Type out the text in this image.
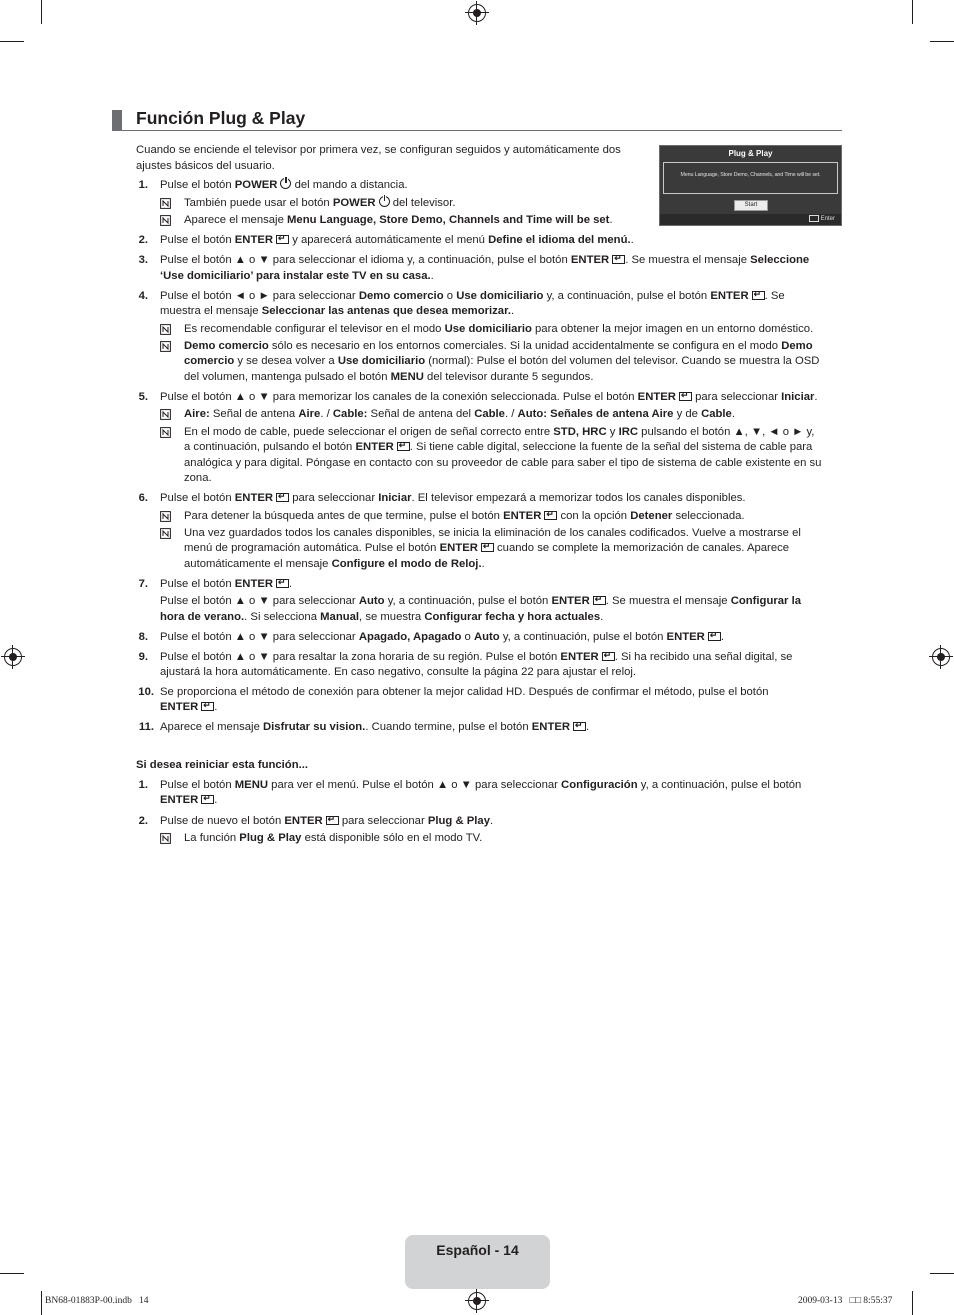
Función Plug & Play
Plug & Play
Menu Language, Store Demo, Channels, and Time will be set.
Start
Enter
Cuando se enciende el televisor por primera vez, se configuran seguidos y automáticamente dos ajustes básicos del usuario.
1. Pulse el botón POWER del mando a distancia.
También puede usar el botón POWER del televisor.
Aparece el mensaje Menu Language, Store Demo, Channels and Time will be set.
2. Pulse el botón ENTER ↵ y aparecerá automáticamente el menú Define el idioma del menú..
3. Pulse el botón ▲ o ▼ para seleccionar el idioma y, a continuación, pulse el botón ENTER ↵ . Se muestra el mensaje Seleccione
‘Use domiciliario’ para instalar este TV en su casa..
4. Pulse el botón ◄ o ► para seleccionar Demo comercio o Use domiciliario y, a continuación, pulse el botón ENTER ↵ . Se
muestra el mensaje Seleccionar las antenas que desea memorizar..
Es recomendable configurar el televisor en el modo Use domiciliario para obtener la mejor imagen en un entorno doméstico.
Demo comercio sólo es necesario en los entornos comerciales. Si la unidad accidentalmente se configura en el modo Demo
comercio y se desea volver a Use domiciliario (normal): Pulse el botón del volumen del televisor. Cuando se muestra la OSD
del volumen, mantenga pulsado el botón MENU del televisor durante 5 segundos.
5. Pulse el botón ▲ o ▼ para memorizar los canales de la conexión seleccionada. Pulse el botón ENTER ↵ para seleccionar Iniciar.
Aire: Señal de antena Aire. / Cable: Señal de antena del Cable. / Auto: Señales de antena Aire y de Cable.
En el modo de cable, puede seleccionar el origen de señal correcto entre STD, HRC y IRC pulsando el botón ▲, ▼, ◄ o ► y,
a continuación, pulsando el botón ENTER ↵ . Si tiene cable digital, seleccione la fuente de la señal del sistema de cable para
analógica y para digital. Póngase en contacto con su proveedor de cable para saber el tipo de sistema de cable existente en su
zona.
6. Pulse el botón ENTER ↵ para seleccionar Iniciar. El televisor empezará a memorizar todos los canales disponibles.
Para detener la búsqueda antes de que termine, pulse el botón ENTER ↵ con la opción Detener seleccionada.
Una vez guardados todos los canales disponibles, se inicia la eliminación de los canales codificados. Vuelve a mostrarse el
menú de programación automática. Pulse el botón ENTER ↵ cuando se complete la memorización de canales. Aparece
automáticamente el mensaje Configure el modo de Reloj..
7. Pulse el botón ENTER ↵ .
Pulse el botón ▲ o ▼ para seleccionar Auto y, a continuación, pulse el botón ENTER ↵ . Se muestra el mensaje Configurar la
hora de verano.. Si selecciona Manual, se muestra Configurar fecha y hora actuales.
8. Pulse el botón ▲ o ▼ para seleccionar Apagado, Apagado o Auto y, a continuación, pulse el botón ENTER ↵ .
9. Pulse el botón ▲ o ▼ para resaltar la zona horaria de su región. Pulse el botón ENTER ↵ . Si ha recibido una señal digital, se
ajustará la hora automáticamente. En caso negativo, consulte la página 22 para ajustar el reloj.
10. Se proporciona el método de conexión para obtener la mejor calidad HD. Después de confirmar el método, pulse el botón
ENTER ↵ .
11. Aparece el mensaje Disfrutar su vision.. Cuando termine, pulse el botón ENTER ↵ .
Si desea reiniciar esta función...
1. Pulse el botón MENU para ver el menú. Pulse el botón ▲ o ▼ para seleccionar Configuración y, a continuación, pulse el botón
ENTER ↵ .
2. Pulse de nuevo el botón ENTER ↵ para seleccionar Plug & Play.
La función Plug & Play está disponible sólo en el modo TV.
Español - 14
BN68-01883P-00.indb   14	2009-03-13   □□ 8:55:37
